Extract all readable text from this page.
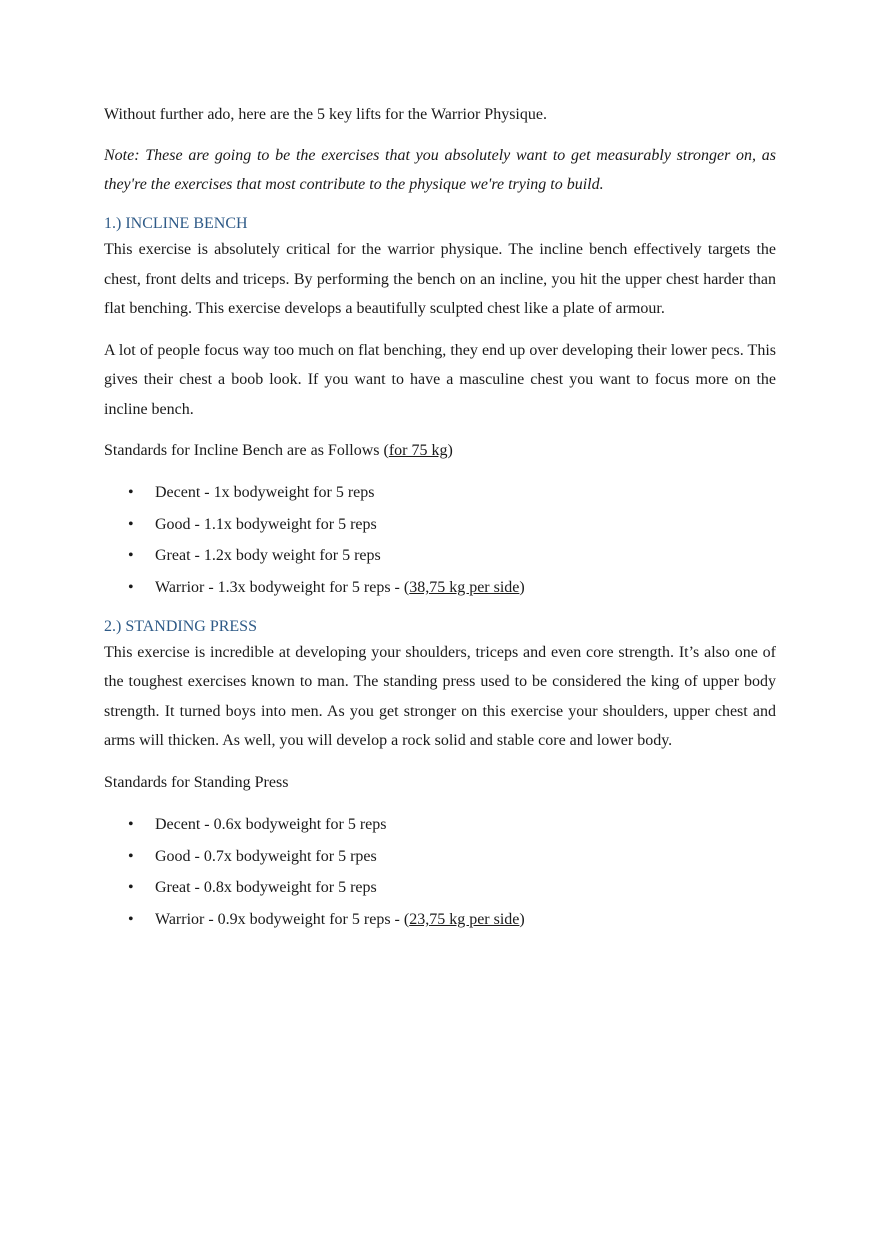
Without further ado, here are the 5 key lifts for the Warrior Physique.

Note: These are going to be the exercises that you absolutely want to get measurably stronger on, as they're the exercises that most contribute to the physique we're trying to build.

1.) INCLINE BENCH

This exercise is absolutely critical for the warrior physique. The incline bench effectively targets the chest, front delts and triceps. By performing the bench on an incline, you hit the upper chest harder than flat benching. This exercise develops a beautifully sculpted chest like a plate of armour.

A lot of people focus way too much on flat benching, they end up over developing their lower pecs. This gives their chest a boob look. If you want to have a masculine chest you want to focus more on the incline bench.

Standards for Incline Bench are as Follows (for 75 kg)

• Decent - 1x bodyweight for 5 reps
• Good - 1.1x bodyweight for 5 reps
• Great - 1.2x body weight for 5 reps
• Warrior - 1.3x bodyweight for 5 reps - (38,75 kg per side)
2.) STANDING PRESS

This exercise is incredible at developing your shoulders, triceps and even core strength. It’s also one of the toughest exercises known to man. The standing press used to be considered the king of upper body strength. It turned boys into men. As you get stronger on this exercise your shoulders, upper chest and arms will thicken. As well, you will develop a rock solid and stable core and lower body.

Standards for Standing Press

• Decent - 0.6x bodyweight for 5 reps
• Good - 0.7x bodyweight for 5 rpes
• Great - 0.8x bodyweight for 5 reps
• Warrior - 0.9x bodyweight for 5 reps - (23,75 kg per side)
